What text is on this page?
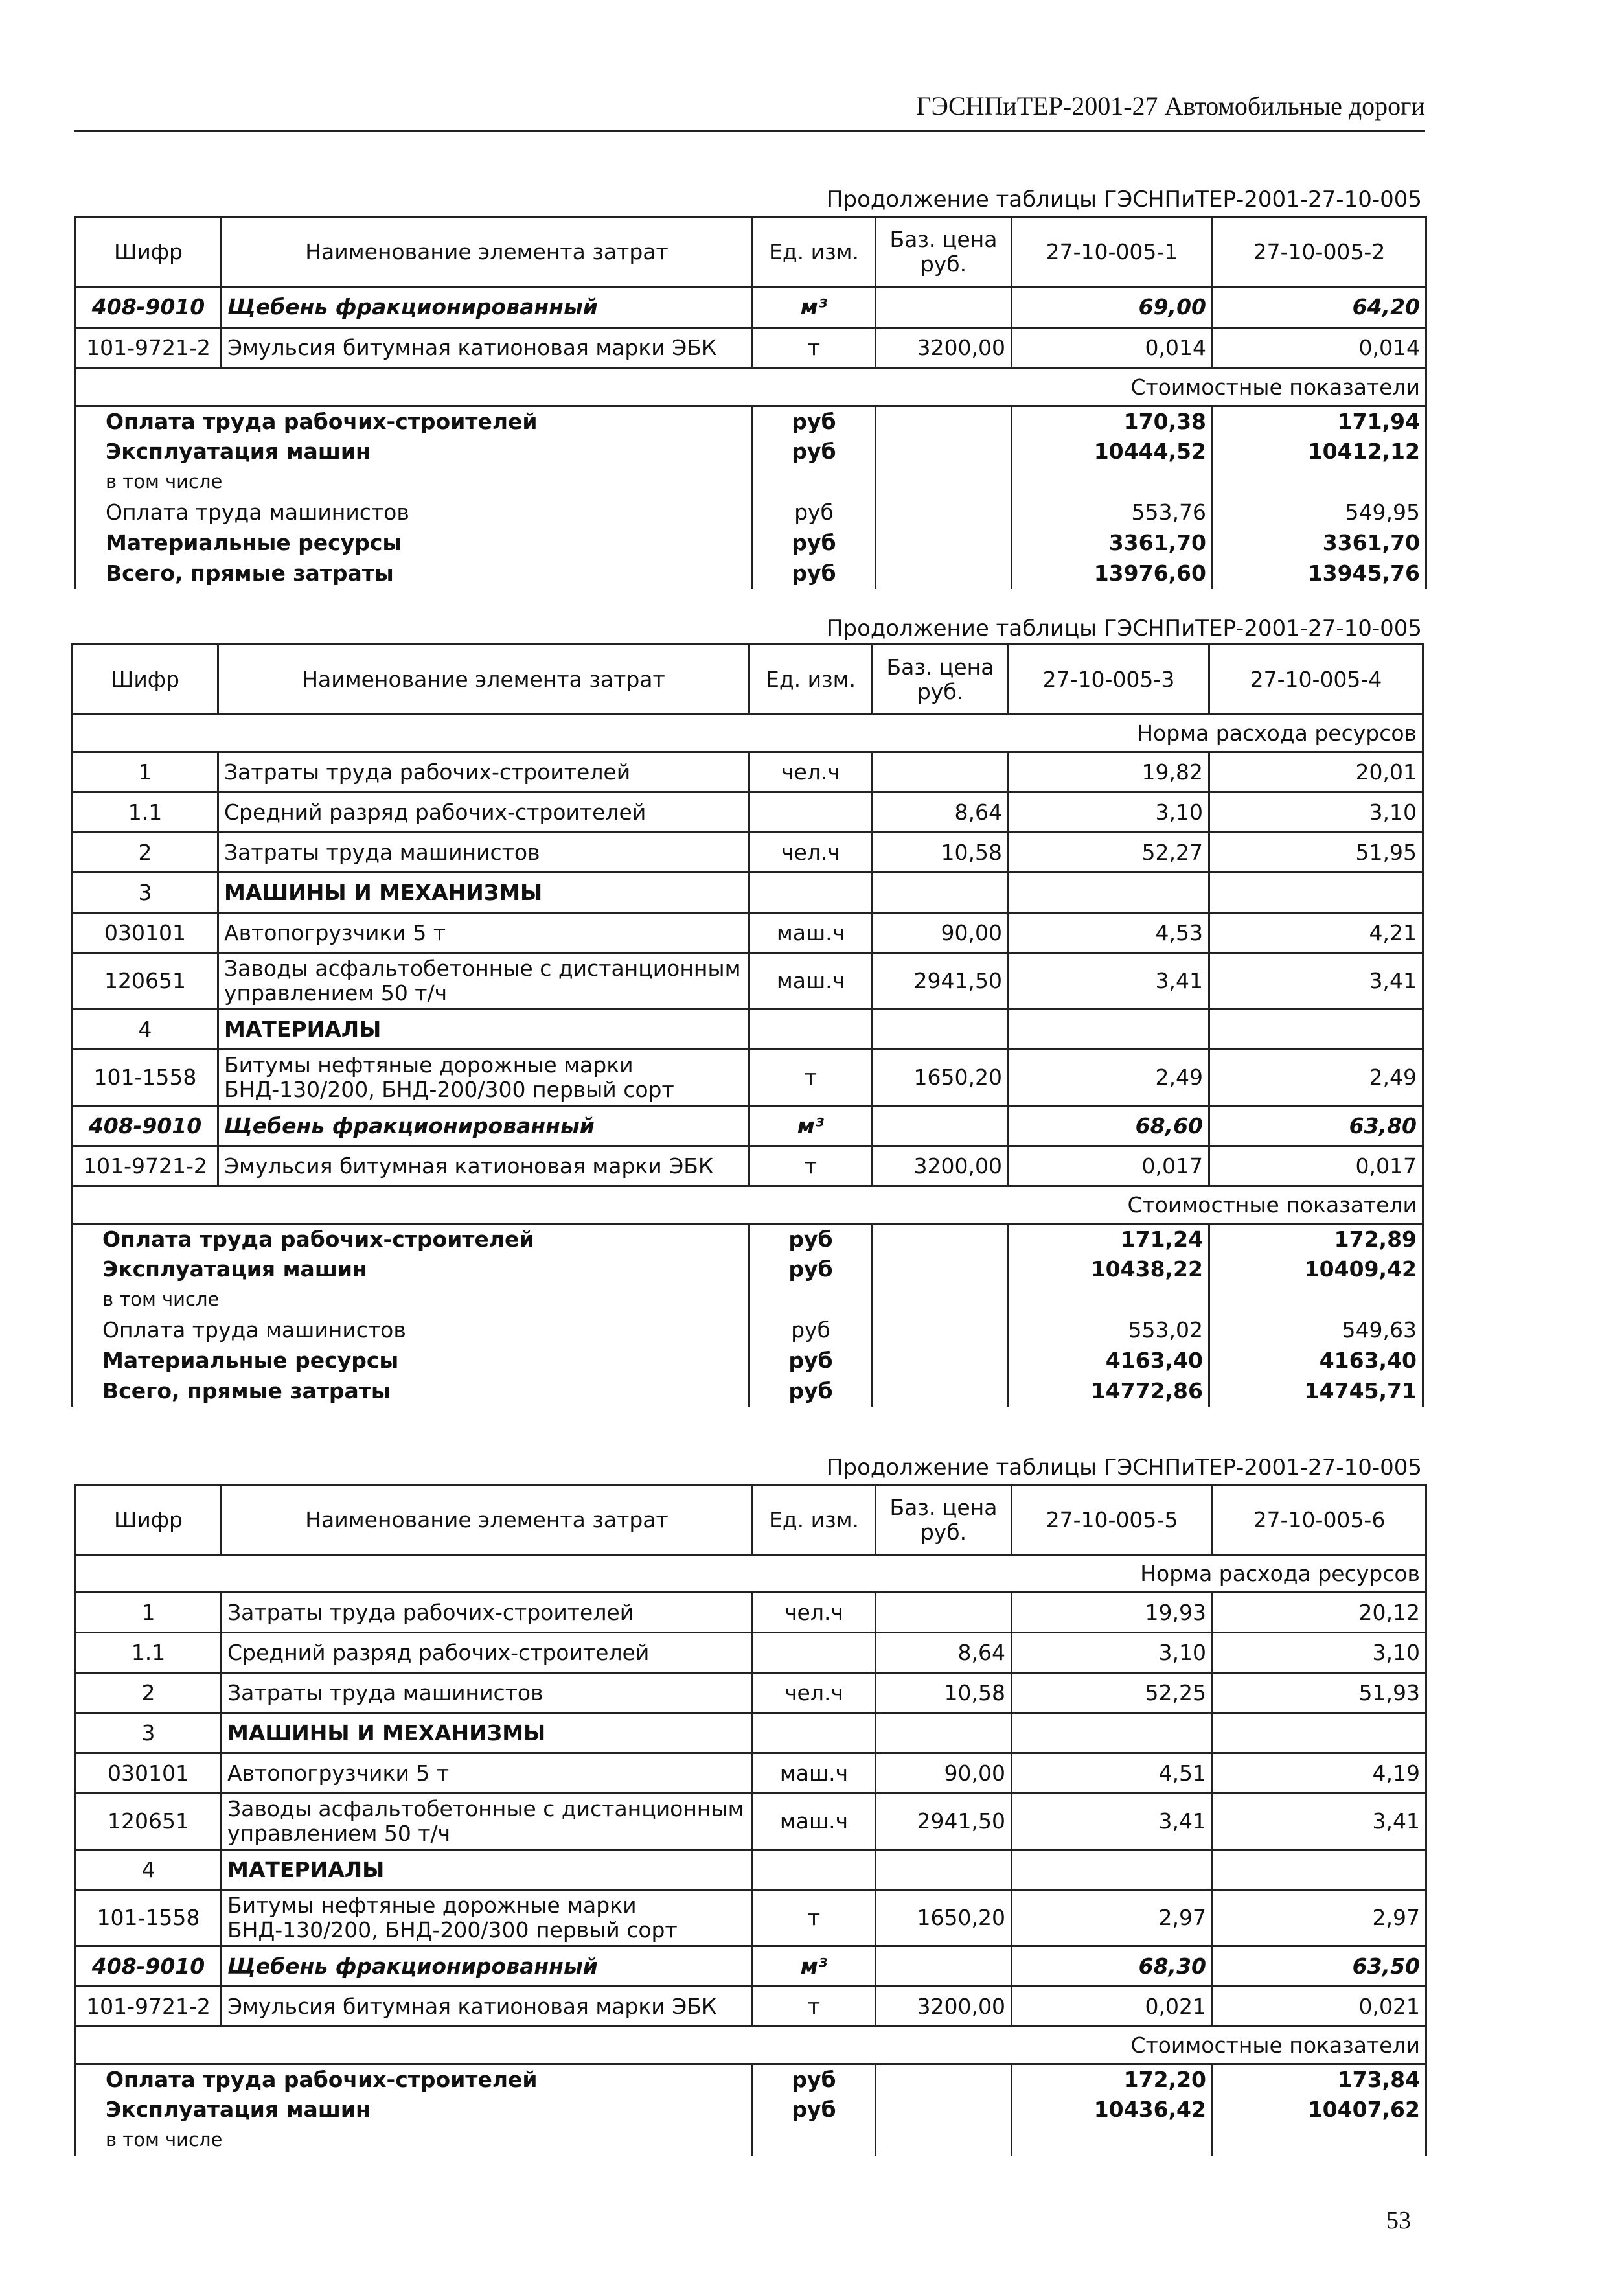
ГЭСНПиТЕР-2001-27 Автомобильные дороги
Продолжение таблицы ГЭСНПиТЕР-2001-27-10-005
Шифр	Наименование элемента затрат	Ед. изм.	Баз. цена руб.	27-10-005-1	27-10-005-2
408-9010	Щебень фракционированный	м³		69,00	64,20
101-9721-2	Эмульсия битумная катионовая марки ЭБК	т	3200,00	0,014	0,014
Стоимостные показатели					
Оплата труда рабочих-строителей		руб		170,38	171,94
Эксплуатация машин		руб		10444,52	10412,12
в том числе					
Оплата труда машинистов		руб		553,76	549,95
Материальные ресурсы		руб		3361,70	3361,70
Всего, прямые затраты		руб		13976,60	13945,76
Продолжение таблицы ГЭСНПиТЕР-2001-27-10-005
Шифр	Наименование элемента затрат	Ед. изм.	Баз. цена руб.	27-10-005-3	27-10-005-4
Норма расхода ресурсов					
1	Затраты труда рабочих-строителей	чел.ч		19,82	20,01
1.1	Средний разряд рабочих-строителей		8,64	3,10	3,10
2	Затраты труда машинистов	чел.ч	10,58	52,27	51,95
3	МАШИНЫ И МЕХАНИЗМЫ				
030101	Автопогрузчики 5 т	маш.ч	90,00	4,53	4,21
120651	Заводы асфальтобетонные с дистанционным управлением 50 т/ч	маш.ч	2941,50	3,41	3,41
4	МАТЕРИАЛЫ				
101-1558	Битумы нефтяные дорожные марки БНД-130/200, БНД-200/300 первый сорт	т	1650,20	2,49	2,49
408-9010	Щебень фракционированный	м³		68,60	63,80
101-9721-2	Эмульсия битумная катионовая марки ЭБК	т	3200,00	0,017	0,017
Стоимостные показатели					
Оплата труда рабочих-строителей		руб		171,24	172,89
Эксплуатация машин		руб		10438,22	10409,42
в том числе					
Оплата труда машинистов		руб		553,02	549,63
Материальные ресурсы		руб		4163,40	4163,40
Всего, прямые затраты		руб		14772,86	14745,71
Продолжение таблицы ГЭСНПиТЕР-2001-27-10-005
Шифр	Наименование элемента затрат	Ед. изм.	Баз. цена руб.	27-10-005-5	27-10-005-6
Норма расхода ресурсов					
1	Затраты труда рабочих-строителей	чел.ч		19,93	20,12
1.1	Средний разряд рабочих-строителей		8,64	3,10	3,10
2	Затраты труда машинистов	чел.ч	10,58	52,25	51,93
3	МАШИНЫ И МЕХАНИЗМЫ				
030101	Автопогрузчики 5 т	маш.ч	90,00	4,51	4,19
120651	Заводы асфальтобетонные с дистанционным управлением 50 т/ч	маш.ч	2941,50	3,41	3,41
4	МАТЕРИАЛЫ				
101-1558	Битумы нефтяные дорожные марки БНД-130/200, БНД-200/300 первый сорт	т	1650,20	2,97	2,97
408-9010	Щебень фракционированный	м³		68,30	63,50
101-9721-2	Эмульсия битумная катионовая марки ЭБК	т	3200,00	0,021	0,021
Стоимостные показатели					
Оплата труда рабочих-строителей		руб		172,20	173,84
Эксплуатация машин		руб		10436,42	10407,62
в том числе					
53
